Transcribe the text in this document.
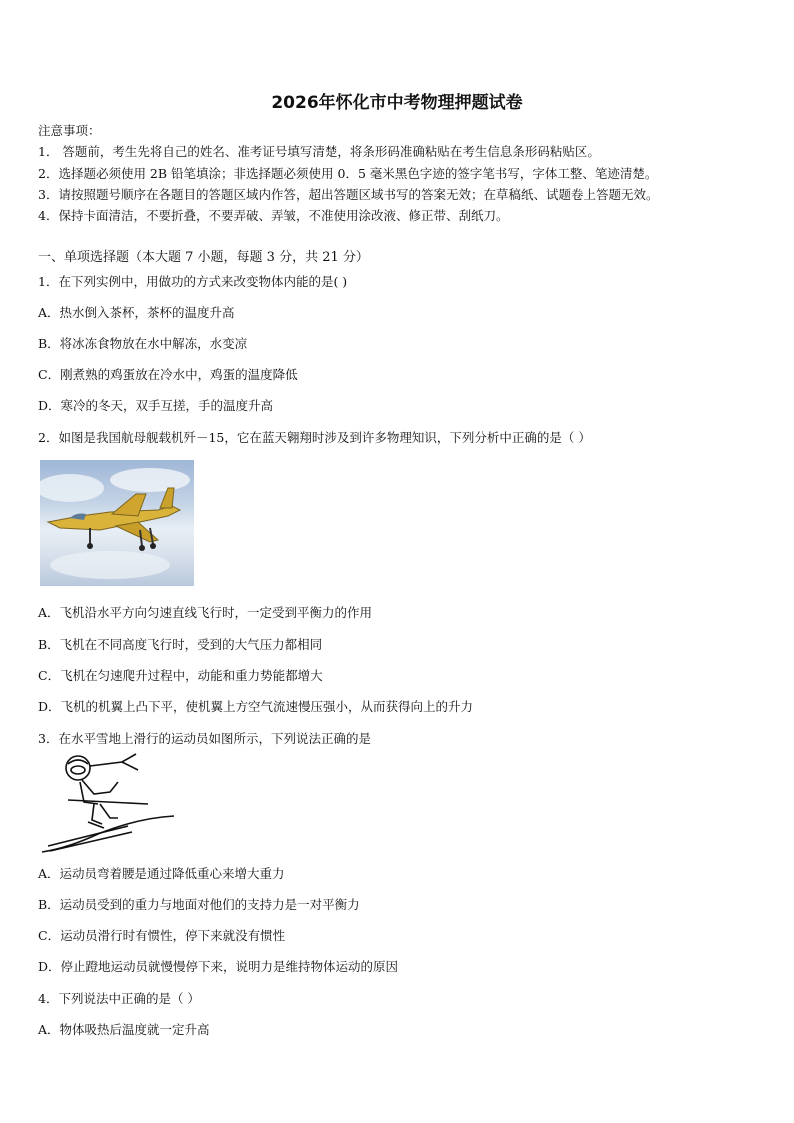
2026年怀化市中考物理押题试卷
注意事项：
1． 答题前，考生先将自己的姓名、准考证号填写清楚，将条形码准确粘贴在考生信息条形码粘贴区。
2．选择题必须使用 2B 铅笔填涂；非选择题必须使用 0．5 毫米黑色字迹的签字笔书写，字体工整、笔迹清楚。
3．请按照题号顺序在各题目的答题区域内作答，超出答题区域书写的答案无效；在草稿纸、试题卷上答题无效。
4．保持卡面清洁，不要折叠，不要弄破、弄皱，不准使用涂改液、修正带、刮纸刀。
一、单项选择题（本大题 7 小题，每题 3 分，共 21 分）
1．在下列实例中，用做功的方式来改变物体内能的是( )
A．热水倒入茶杯，茶杯的温度升高
B．将冰冻食物放在水中解冻，水变凉
C．刚煮熟的鸡蛋放在冷水中，鸡蛋的温度降低
D．寒冷的冬天，双手互搓，手的温度升高
2．如图是我国航母舰载机歼－15，它在蓝天翱翔时涉及到许多物理知识，下列分析中正确的是（ ）
A．飞机沿水平方向匀速直线飞行时，一定受到平衡力的作用
B．飞机在不同高度飞行时，受到的大气压力都相同
C．飞机在匀速爬升过程中，动能和重力势能都增大
D．飞机的机翼上凸下平，使机翼上方空气流速慢压强小，从而获得向上的升力
3．在水平雪地上滑行的运动员如图所示，下列说法正确的是
A．运动员弯着腰是通过降低重心来增大重力
B．运动员受到的重力与地面对他们的支持力是一对平衡力
C．运动员滑行时有惯性，停下来就没有惯性
D．停止蹬地运动员就慢慢停下来，说明力是维持物体运动的原因
4．下列说法中正确的是（ ）
A．物体吸热后温度就一定升高
